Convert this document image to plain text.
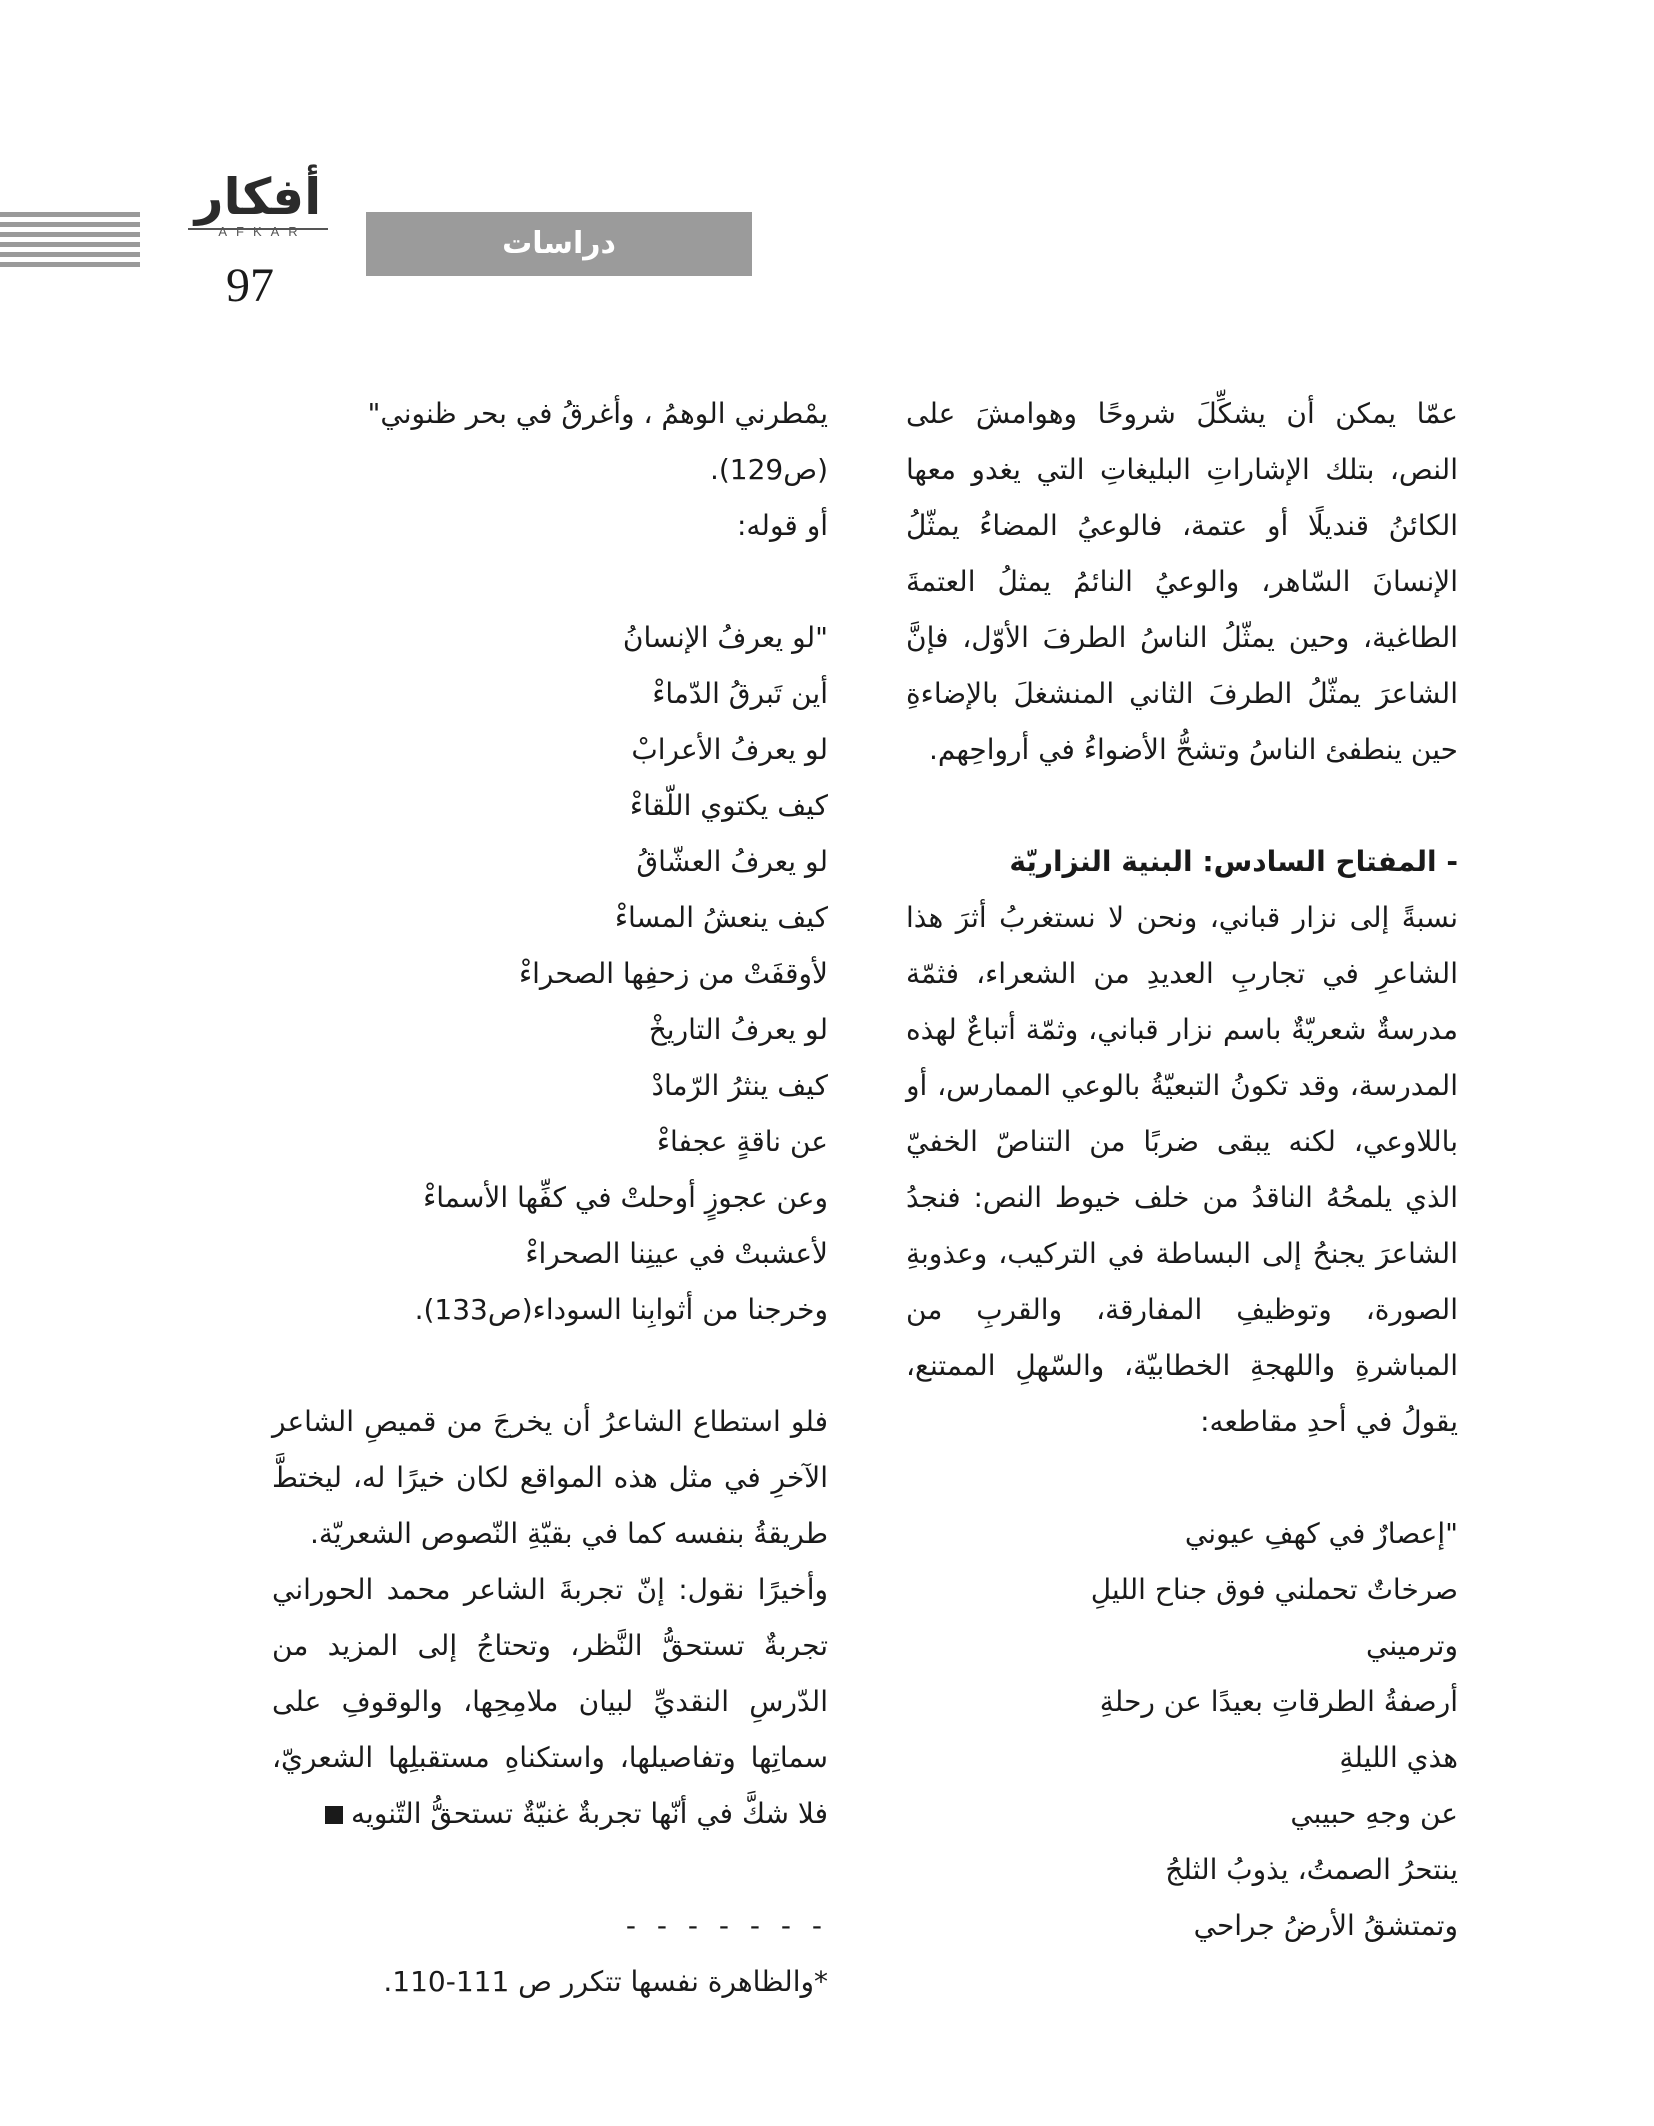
أفكار
AFKAR
97
دراسات

عمّا يمكن أن يشكِّلَ شروحًا وهوامشَ على النص، بتلك الإشاراتِ البليغاتِ التي يغدو معها الكائنُ قنديلًا أو عتمة، فالوعيُ المضاءُ يمثّلُ الإنسانَ السّاهر، والوعيُ النائمُ يمثلُ العتمةَ الطاغية، وحين يمثّلُ الناسُ الطرفَ الأوّل، فإنَّ الشاعرَ يمثّلُ الطرفَ الثاني المنشغلَ بالإضاءةِ حين ينطفئ الناسُ وتشحُّ الأضواءُ في أرواحِهم.

- المفتاح السادس: البنية النزاريّة

نسبةً إلى نزار قباني، ونحن لا نستغربُ أثرَ هذا الشاعرِ في تجاربِ العديدِ من الشعراء، فثمّة مدرسةٌ شعريّةٌ باسم نزار قباني، وثمّة أتباعٌ لهذه المدرسة، وقد تكونُ التبعيّةُ بالوعي الممارس، أو باللاوعي، لكنه يبقى ضربًا من التناصّ الخفيّ الذي يلمحُهُ الناقدُ من خلف خيوط النص: فنجدُ الشاعرَ يجنحُ إلى البساطة في التركيب، وعذوبةِ الصورة، وتوظيفِ المفارقة، والقربِ من المباشرةِ واللهجةِ الخطابيّة، والسّهلِ الممتنع، يقولُ في أحدِ مقاطعه:

"إعصارٌ في كهفِ عيوني
صرخاتٌ تحملني فوق جناح الليلِ
وترميني
أرصفةُ الطرقاتِ بعيدًا عن رحلةِ
هذي الليلةِ
عن وجهِ حبيبي
ينتحرُ الصمتُ، يذوبُ الثلجُ
وتمتشقُ الأرضُ جراحي

يمْطرني الوهمُ ، وأغرقُ في بحر ظنوني"(ص129).

أو قوله:

"لو يعرفُ الإنسانُ
أين تَبرقُ الدّماءْ
لو يعرفُ الأعرابْ
كيف يكتوي اللّقاءْ
لو يعرفُ العشّاقُ
كيف ينعشُ المساءْ
لأوقفَتْ من زحفِها الصحراءْ
لو يعرفُ التاريخْ
كيف ينثرُ الرّمادْ
عن ناقةٍ عجفاءْ
وعن عجوزٍ أوحلتْ في كفِّها الأسماءْ
لأعشبتْ في عينِنا الصحراءْ
وخرجنا من أثوابِنا السوداء(ص133).

فلو استطاع الشاعرُ أن يخرجَ من قميصِ الشاعر الآخرِ في مثل هذه المواقع لكان خيرًا له، ليختطَّ طريقةُ بنفسه كما في بقيّةِ النّصوص الشعريّة.

وأخيرًا نقول: إنّ تجربةَ الشاعر محمد الحوراني تجربةٌ تستحقُّ النَّظر، وتحتاجُ إلى المزيد من الدّرسِ النقديِّ لبيان ملامِحِها، والوقوفِ على سماتِها وتفاصيلها، واستكناهِ مستقبلِها الشعريّ، فلا شكَّ في أنّها تجربةٌ غنيّةٌ تستحقُّ التّنويه

- - - - - - -

*والظاهرة نفسها تتكرر ص 111-110.
